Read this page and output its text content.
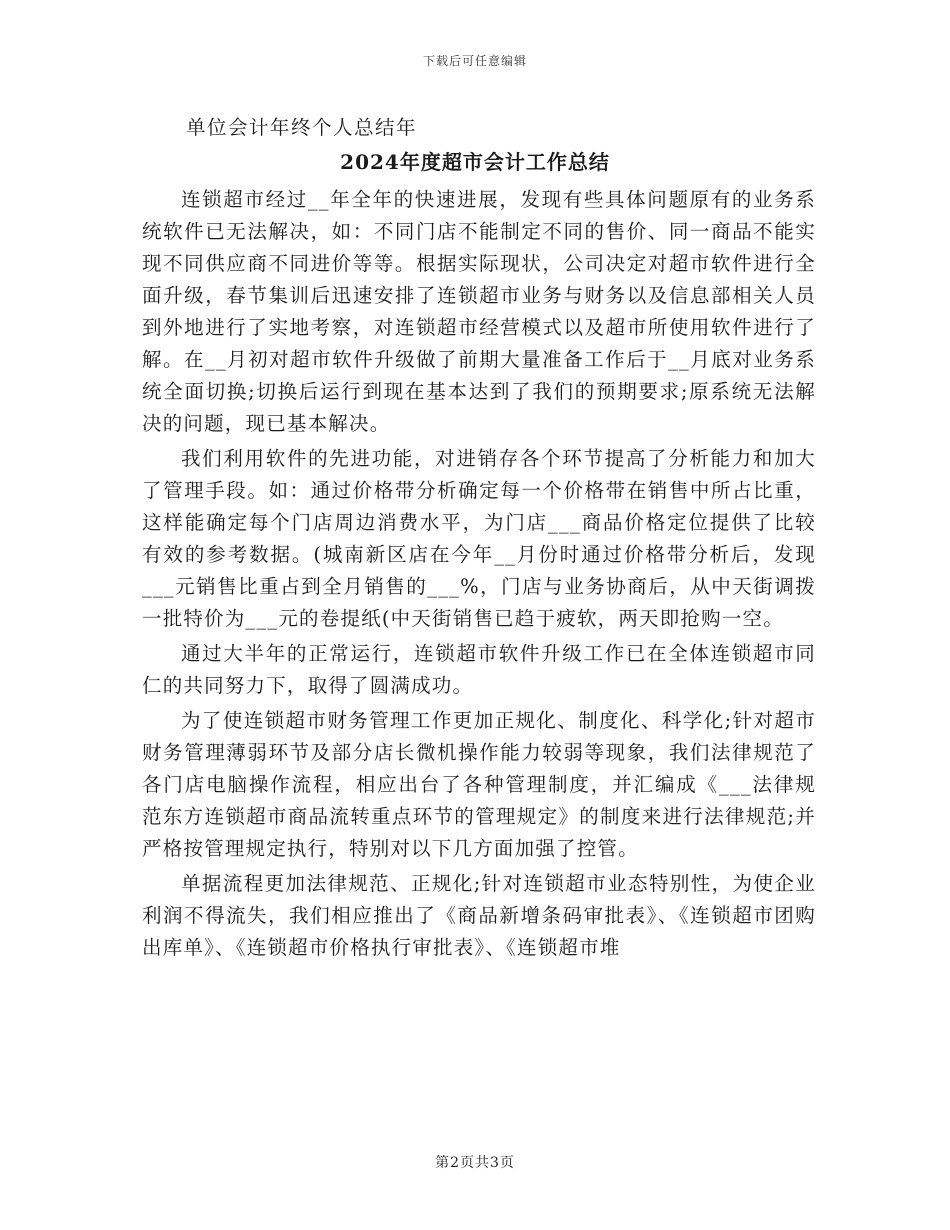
下载后可任意编辑

单位会计年终个人总结年

2024年度超市会计工作总结

连锁超市经过__年全年的快速进展，发现有些具体问题原有的业务系统软件已无法解决，如：不同门店不能制定不同的售价、同一商品不能实现不同供应商不同进价等等。根据实际现状，公司决定对超市软件进行全面升级，春节集训后迅速安排了连锁超市业务与财务以及信息部相关人员到外地进行了实地考察，对连锁超市经营模式以及超市所使用软件进行了解。在__月初对超市软件升级做了前期大量准备工作后于__月底对业务系统全面切换;切换后运行到现在基本达到了我们的预期要求;原系统无法解决的问题，现已基本解决。

我们利用软件的先进功能，对进销存各个环节提高了分析能力和加大了管理手段。如：通过价格带分析确定每一个价格带在销售中所占比重，这样能确定每个门店周边消费水平，为门店___商品价格定位提供了比较有效的参考数据。(城南新区店在今年__月份时通过价格带分析后，发现___元销售比重占到全月销售的___%，门店与业务协商后，从中天街调拨一批特价为___元的卷提纸(中天街销售已趋于疲软，两天即抢购一空。

通过大半年的正常运行，连锁超市软件升级工作已在全体连锁超市同仁的共同努力下，取得了圆满成功。

为了使连锁超市财务管理工作更加正规化、制度化、科学化;针对超市财务管理薄弱环节及部分店长微机操作能力较弱等现象，我们法律规范了各门店电脑操作流程，相应出台了各种管理制度，并汇编成《___法律规范东方连锁超市商品流转重点环节的管理规定》的制度来进行法律规范;并严格按管理规定执行，特别对以下几方面加强了控管。

单据流程更加法律规范、正规化;针对连锁超市业态特别性，为使企业利润不得流失，我们相应推出了《商品新增条码审批表》、《连锁超市团购出库单》、《连锁超市价格执行审批表》、《连锁超市堆

第2页共3页
